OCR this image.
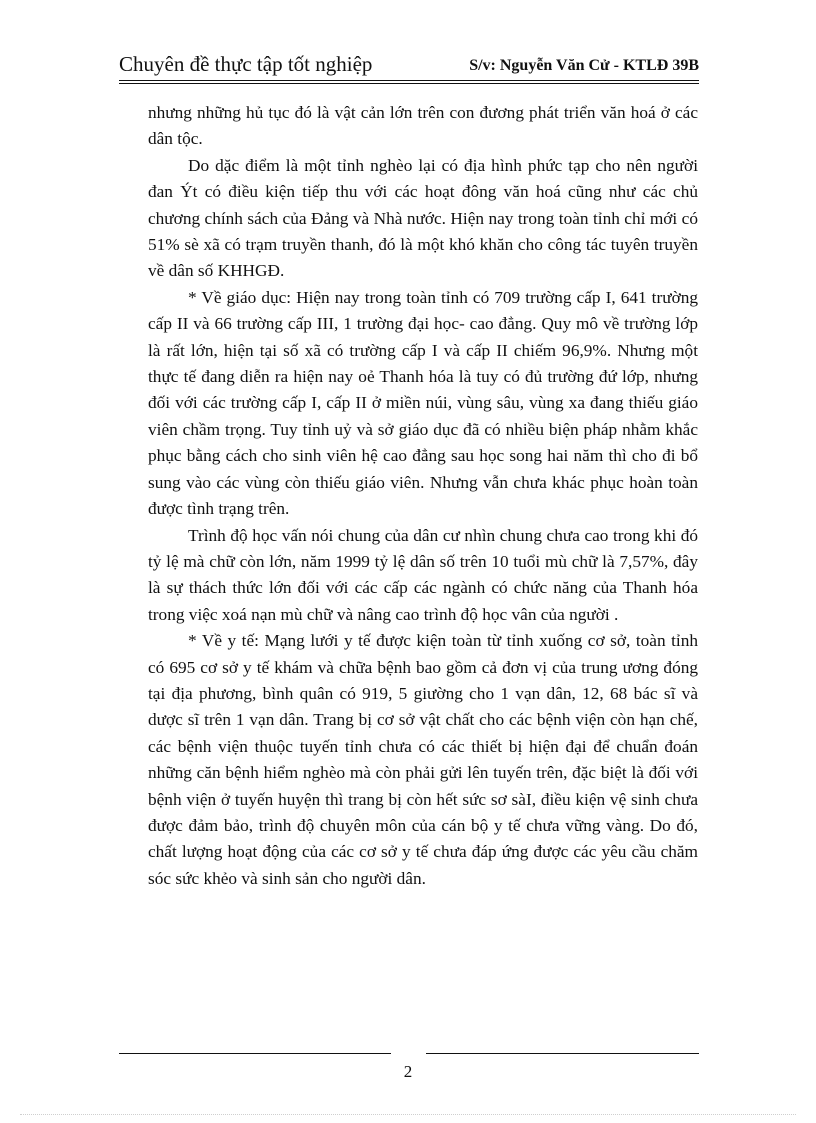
Chuyên đề thực tập tốt nghiệp	S/v: Nguyễn Văn Cử - KTLĐ 39B

nhưng những hủ tục đó là vật cản lớn trên con đương phát triển văn hoá ở các dân tộc.

Do dặc điểm là một tỉnh nghèo lại có địa hình phức tạp cho nên người đan Ýt có điều kiện tiếp thu với các hoạt đông văn hoá cũng như các chủ chương chính sách của Đảng và Nhà nước. Hiện nay trong toàn tỉnh chỉ mới có 51% sè xã có trạm truyền thanh, đó là một khó khăn cho công tác tuyên truyền về dân số KHHGĐ.

* Về giáo dục: Hiện nay trong toàn tỉnh có 709 trường cấp I, 641 trường cấp II và 66 trường cấp III, 1 trường đại học- cao đẳng. Quy mô về trường lớp là rất lớn, hiện tại số xã có trường cấp I và cấp II chiếm 96,9%. Nhưng một thực tế đang diễn ra hiện nay oẻ Thanh hóa là tuy có đủ trường đứ lớp, nhưng đối với các trường cấp I, cấp II ở miền núi, vùng sâu, vùng xa đang thiếu giáo viên chầm trọng. Tuy tỉnh uỷ và sở giáo dục đã có nhiều biện pháp nhằm khắc phục bằng cách cho sinh viên hệ cao đẳng sau học song hai năm thì cho đi bổ sung vào các vùng còn thiếu giáo viên. Nhưng vẫn chưa khác phục hoàn toàn được tình trạng trên.

Trình độ học vấn nói chung của dân cư nhìn chung chưa cao trong khi đó tỷ lệ mà chữ còn lớn, năm 1999 tỷ lệ dân số trên 10 tuổi mù chữ là 7,57%, đây là sự thách thức lớn đối với các cấp các ngành có chức năng của Thanh hóa trong việc xoá nạn mù chữ và nâng cao trình độ học vân của người .

* Về y tế: Mạng lưới y tế được kiện toàn từ tỉnh xuống cơ sở, toàn tỉnh có 695 cơ sở y tế khám và chữa bệnh bao gồm cả đơn vị của trung ương đóng tại địa phương, bình quân có 919, 5 giường cho 1 vạn dân, 12, 68 bác sĩ và dược sĩ trên 1 vạn dân. Trang bị cơ sở vật chất cho các bệnh viện còn hạn chế, các bệnh viện thuộc tuyến tỉnh chưa có các thiết bị hiện đại để chuẩn đoán những căn bệnh hiểm nghèo mà còn phải gửi lên tuyến trên, đặc biệt là đối với bệnh viện ở tuyến huyện thì trang bị còn hết sức sơ sàI, điều kiện vệ sinh chưa được đảm bảo, trình độ chuyên môn của cán bộ y tế chưa vững vàng. Do đó, chất lượng hoạt động của các cơ sở y tế chưa đáp ứng được các yêu cầu chăm sóc sức khẻo và sinh sản cho người dân.

2
